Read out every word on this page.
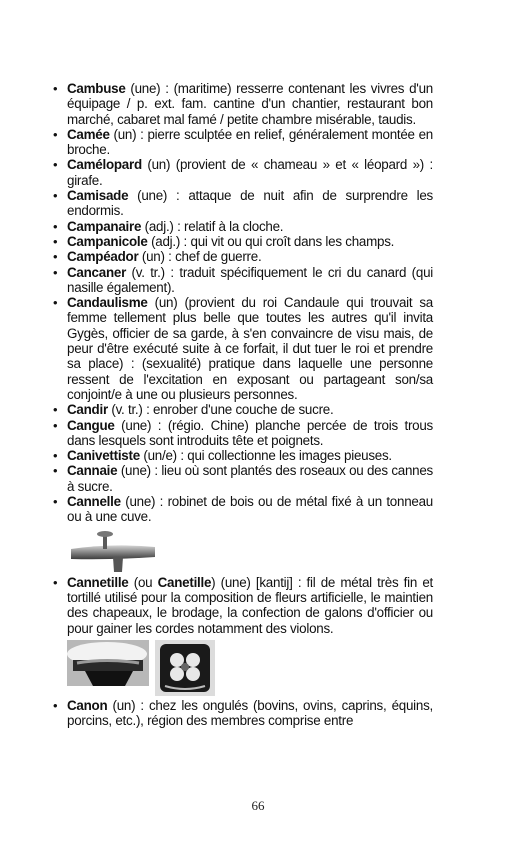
• Cambuse (une) : (maritime) resserre contenant les vivres d'un équipage / p. ext. fam. cantine d'un chantier, restaurant bon marché, cabaret mal famé / petite chambre misérable, taudis.
• Camée (un) : pierre sculptée en relief, généralement montée en broche.
• Camélopard (un) (provient de « chameau » et « léopard ») : girafe.
• Camisade (une) : attaque de nuit afin de surprendre les endormis.
• Campanaire (adj.) : relatif à la cloche.
• Campanicole (adj.) : qui vit ou qui croît dans les champs.
• Campéador (un) : chef de guerre.
• Cancaner (v. tr.) : traduit spécifiquement le cri du canard (qui nasille également).
• Candaulisme (un) (provient du roi Candaule qui trouvait sa femme tellement plus belle que toutes les autres qu'il invita Gygès, officier de sa garde, à s'en convaincre de visu mais, de peur d'être exécuté suite à ce forfait, il dut tuer le roi et prendre sa place) : (sexualité) pratique dans laquelle une personne ressent de l'excitation en exposant ou partageant son/sa conjoint/e à une ou plusieurs personnes.
• Candir (v. tr.) : enrober d'une couche de sucre.
• Cangue (une) : (régio. Chine) planche percée de trois trous dans lesquels sont introduits tête et poignets.
• Canivettiste (un/e) : qui collectionne les images pieuses.
• Cannaie (une) : lieu où sont plantés des roseaux ou des cannes à sucre.
• Cannelle (une) : robinet de bois ou de métal fixé à un tonneau ou à une cuve.
• Cannetille (ou Canetille) (une) [kantij] : fil de métal très fin et tortillé utilisé pour la composition de fleurs artificielle, le maintien des chapeaux, le brodage, la confection de galons d'officier ou pour gainer les cordes notamment des violons.
• Canon (un) : chez les ongulés (bovins, ovins, caprins, équins, porcins, etc.), région des membres comprise entre
66
